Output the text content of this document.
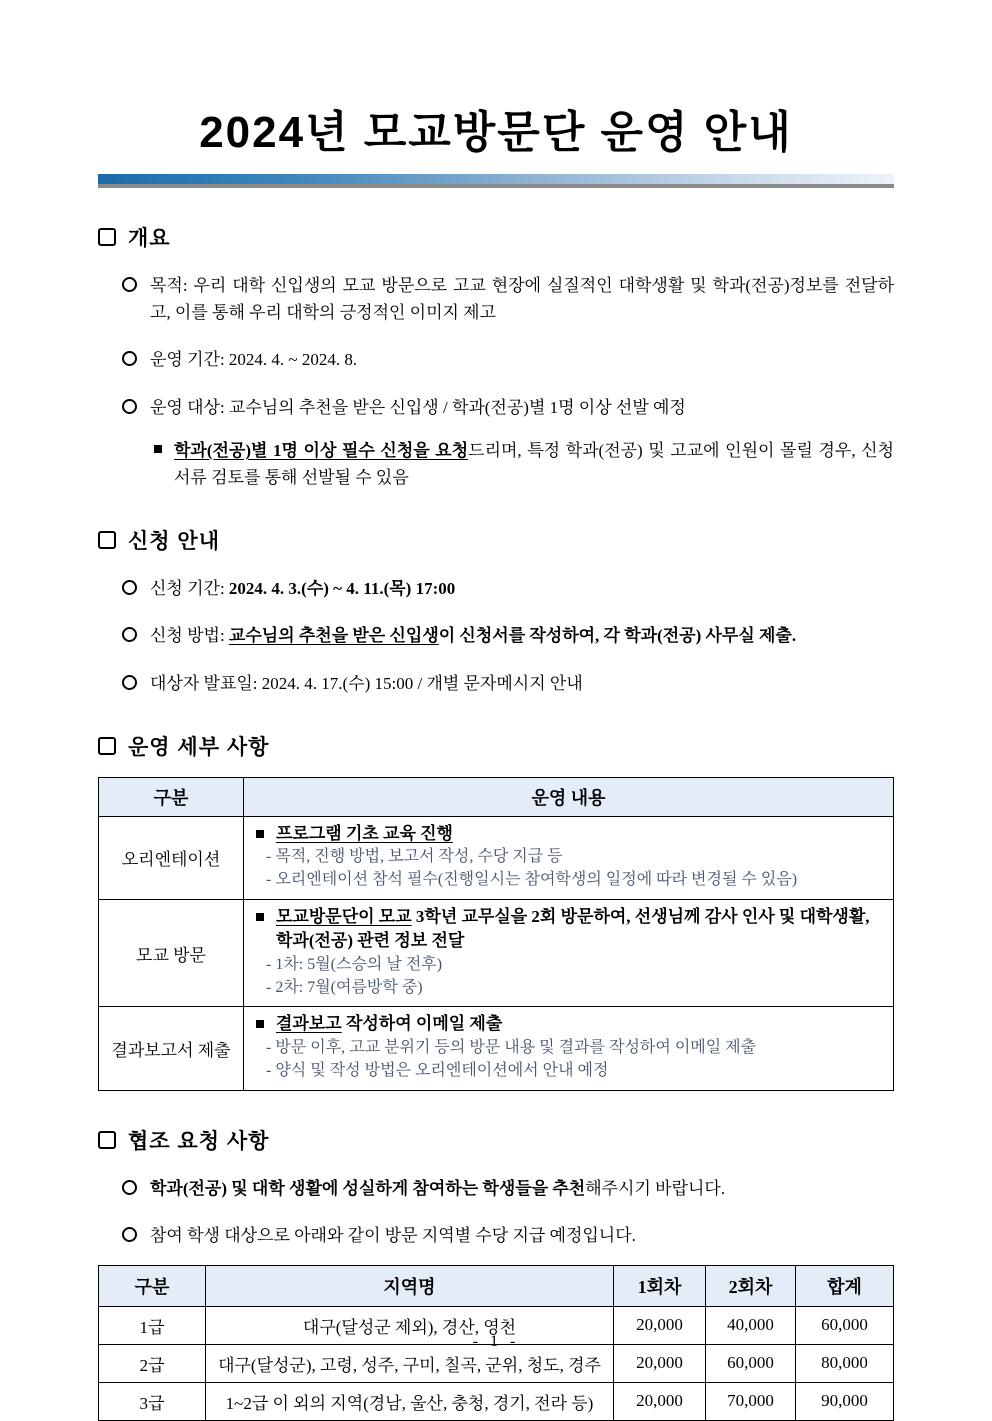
2024년 모교방문단 운영 안내
개요
목적: 우리 대학 신입생의 모교 방문으로 고교 현장에 실질적인 대학생활 및 학과(전공)정보를 전달하고, 이를 통해 우리 대학의 긍정적인 이미지 제고
운영 기간: 2024. 4. ~ 2024. 8.
운영 대상: 교수님의 추천을 받은 신입생 / 학과(전공)별 1명 이상 선발 예정
학과(전공)별 1명 이상 필수 신청을 요청드리며, 특정 학과(전공) 및 고교에 인원이 몰릴 경우, 신청 서류 검토를 통해 선발될 수 있음
신청 안내
신청 기간: 2024. 4. 3.(수) ~ 4. 11.(목) 17:00
신청 방법: 교수님의 추천을 받은 신입생이 신청서를 작성하여, 각 학과(전공) 사무실 제출.
대상자 발표일: 2024. 4. 17.(수) 15:00 / 개별 문자메시지 안내
운영 세부 사항
구분	운영 내용
오리엔테이션	프로그램 기초 교육 진행
- 목적, 진행 방법, 보고서 작성, 수당 지급 등
- 오리엔테이션 참석 필수(진행일시는 참여학생의 일정에 따라 변경될 수 있음)

모교 방문	모교방문단이 모교 3학년 교무실을 2회 방문하여, 선생님께 감사 인사 및 대학생활, 학과(전공) 관련 정보 전달
- 1차: 5월(스승의 날 전후)
- 2차: 7월(여름방학 중)

결과보고서 제출	결과보고 작성하여 이메일 제출
- 방문 이후, 고교 분위기 등의 방문 내용 및 결과를 작성하여 이메일 제출
- 양식 및 작성 방법은 오리엔테이션에서 안내 예정
협조 요청 사항
학과(전공) 및 대학 생활에 성실하게 참여하는 학생들을 추천해주시기 바랍니다.
참여 학생 대상으로 아래와 같이 방문 지역별 수당 지급 예정입니다.
구분	지역명	1회차	2회차	합계
1급	대구(달성군 제외), 경산, 영천	20,000	40,000	60,000
2급	대구(달성군), 고령, 성주, 구미, 칠곡, 군위, 청도, 경주	20,000	60,000	80,000
3급	1~2급 이 외의 지역(경남, 울산, 충청, 경기, 전라 등)	20,000	70,000	90,000
- 1 -
